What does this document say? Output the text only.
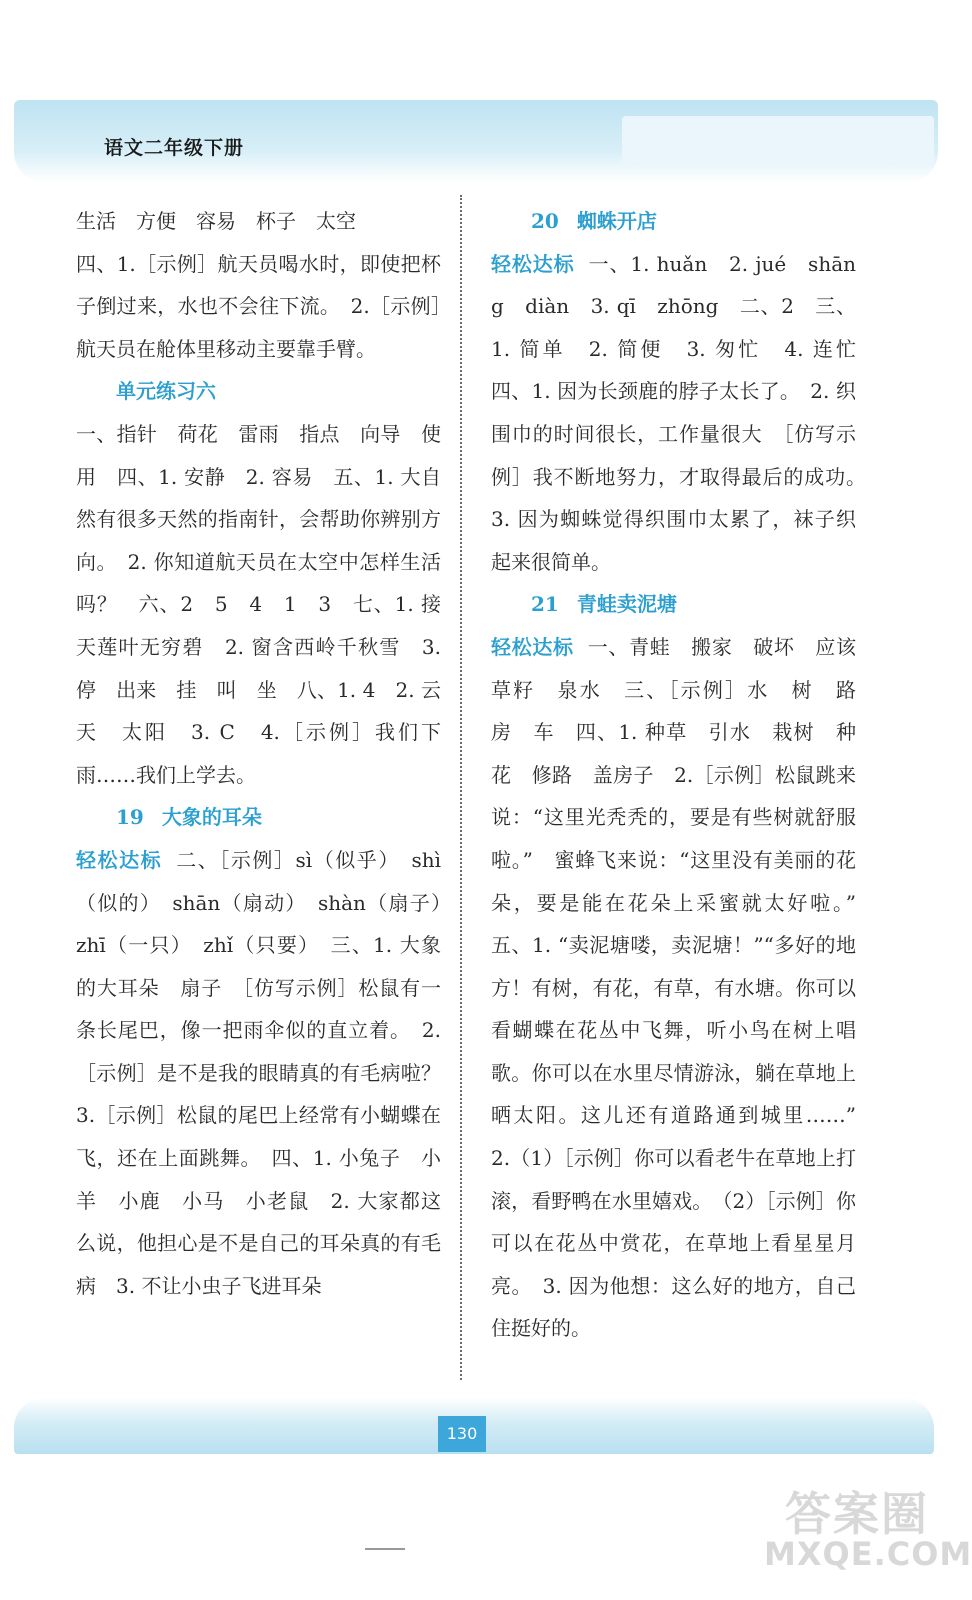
语文二年级下册

生活　方便　容易　杯子　太空

四、1.［示例］航天员喝水时，即使把杯子倒过来，水也不会往下流。　2.［示例］航天员在舱体里移动主要靠手臂。

单元练习六

一、指针　荷花　雷雨　指点　向导　使用　四、1. 安静　2. 容易　五、1. 大自然有很多天然的指南针，会帮助你辨别方向。　2. 你知道航天员在太空中怎样生活吗？　六、2　5　4　1　3　七、1. 接天莲叶无穷碧　2. 窗含西岭千秋雪　3. 停　出来　挂　叫　坐　八、1. 4　2. 云　天　太阳　3. C　4.［示例］我们下雨……我们上学去。

19 大象的耳朵

轻松达标 二、［示例］sì（似乎）　shì（似的）　shān（扇动）　shàn（扇子）　zhī（一只）　zhǐ（只要）　三、1. 大象的大耳朵　扇子　［仿写示例］松鼠有一条长尾巴，像一把雨伞似的直立着。　2.［示例］是不是我的眼睛真的有毛病啦？　3.［示例］松鼠的尾巴上经常有小蝴蝶在飞，还在上面跳舞。　四、1. 小兔子　小羊　小鹿　小马　小老鼠　2. 大家都这么说，他担心是不是自己的耳朵真的有毛病　3. 不让小虫子飞进耳朵

20 蜘蛛开店

轻松达标 一、1. huǎn　2. jué　shāng　diàn　3. qī　zhōng　二、2　三、1. 简单　2. 简便　3. 匆忙　4. 连忙　四、1. 因为长颈鹿的脖子太长了。　2. 织围巾的时间很长，工作量很大　［仿写示例］我不断地努力，才取得最后的成功。　3. 因为蜘蛛觉得织围巾太累了，袜子织起来很简单。

21 青蛙卖泥塘

轻松达标 一、青蛙　搬家　破坏　应该　草籽　泉水　三、［示例］水　树　路　房　车　四、1. 种草　引水　栽树　种花　修路　盖房子　2.［示例］松鼠跳来说：“这里光秃秃的，要是有些树就舒服啦。”　蜜蜂飞来说：“这里没有美丽的花朵，要是能在花朵上采蜜就太好啦。”　五、1. “卖泥塘喽，卖泥塘！”“多好的地方！有树，有花，有草，有水塘。你可以看蝴蝶在花丛中飞舞，听小鸟在树上唱歌。你可以在水里尽情游泳，躺在草地上晒太阳。这儿还有道路通到城里……”　2.（1）［示例］你可以看老牛在草地上打滚，看野鸭在水里嬉戏。　（2）［示例］你可以在花丛中赏花，在草地上看星星月亮。　3. 因为他想：这么好的地方，自己住挺好的。

130
答案圈
MXQE.COM
